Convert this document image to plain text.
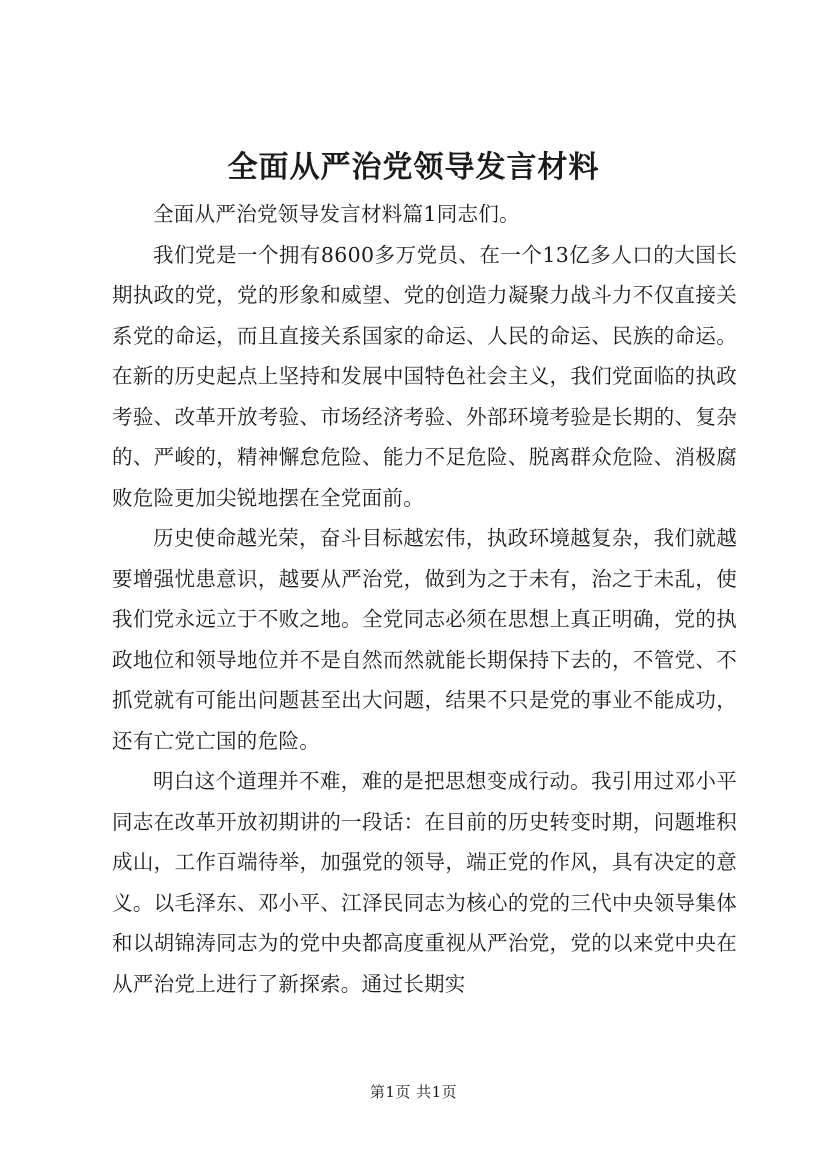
全面从严治党领导发言材料

全面从严治党领导发言材料篇1同志们。

我们党是一个拥有8600多万党员、在一个13亿多人口的大国长期执政的党，党的形象和威望、党的创造力凝聚力战斗力不仅直接关系党的命运，而且直接关系国家的命运、人民的命运、民族的命运。在新的历史起点上坚持和发展中国特色社会主义，我们党面临的执政考验、改革开放考验、市场经济考验、外部环境考验是长期的、复杂的、严峻的，精神懈怠危险、能力不足危险、脱离群众危险、消极腐败危险更加尖锐地摆在全党面前。

历史使命越光荣，奋斗目标越宏伟，执政环境越复杂，我们就越要增强忧患意识，越要从严治党，做到为之于未有，治之于未乱，使我们党永远立于不败之地。全党同志必须在思想上真正明确，党的执政地位和领导地位并不是自然而然就能长期保持下去的，不管党、不抓党就有可能出问题甚至出大问题，结果不只是党的事业不能成功，还有亡党亡国的危险。

明白这个道理并不难，难的是把思想变成行动。我引用过邓小平同志在改革开放初期讲的一段话：在目前的历史转变时期，问题堆积成山，工作百端待举，加强党的领导，端正党的作风，具有决定的意义。以毛泽东、邓小平、江泽民同志为核心的党的三代中央领导集体和以胡锦涛同志为的党中央都高度重视从严治党，党的以来党中央在从严治党上进行了新探索。通过长期实

第1页 共1页
